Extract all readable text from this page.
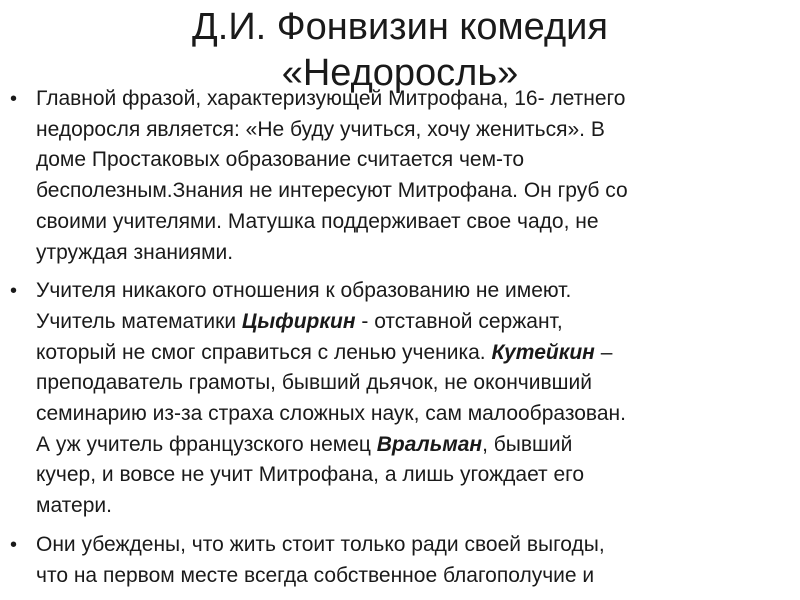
Д.И. Фонвизин комедия
«Недоросль»
• Главной фразой, характеризующей Митрофана, 16- летнего
недоросля является: «Не буду учиться, хочу жениться». В
доме Простаковых образование считается чем-то
бесполезным.Знания не интересуют Митрофана. Он груб со
своими учителями. Матушка поддерживает свое чадо, не
утруждая знаниями.
• Учителя никакого отношения к образованию не имеют.
Учитель математики Цыфиркин - отставной сержант,
который не смог справиться с ленью ученика. Кутейкин –
преподаватель грамоты, бывший дьячок, не окончивший
семинарию из-за страха сложных наук, сам малообразован.
А уж учитель французского немец Вральман, бывший
кучер, и вовсе не учит Митрофана, а лишь угождает его
матери.
• Они убеждены, что жить стоит только ради своей выгоды,
что на первом месте всегда собственное благополучие и
